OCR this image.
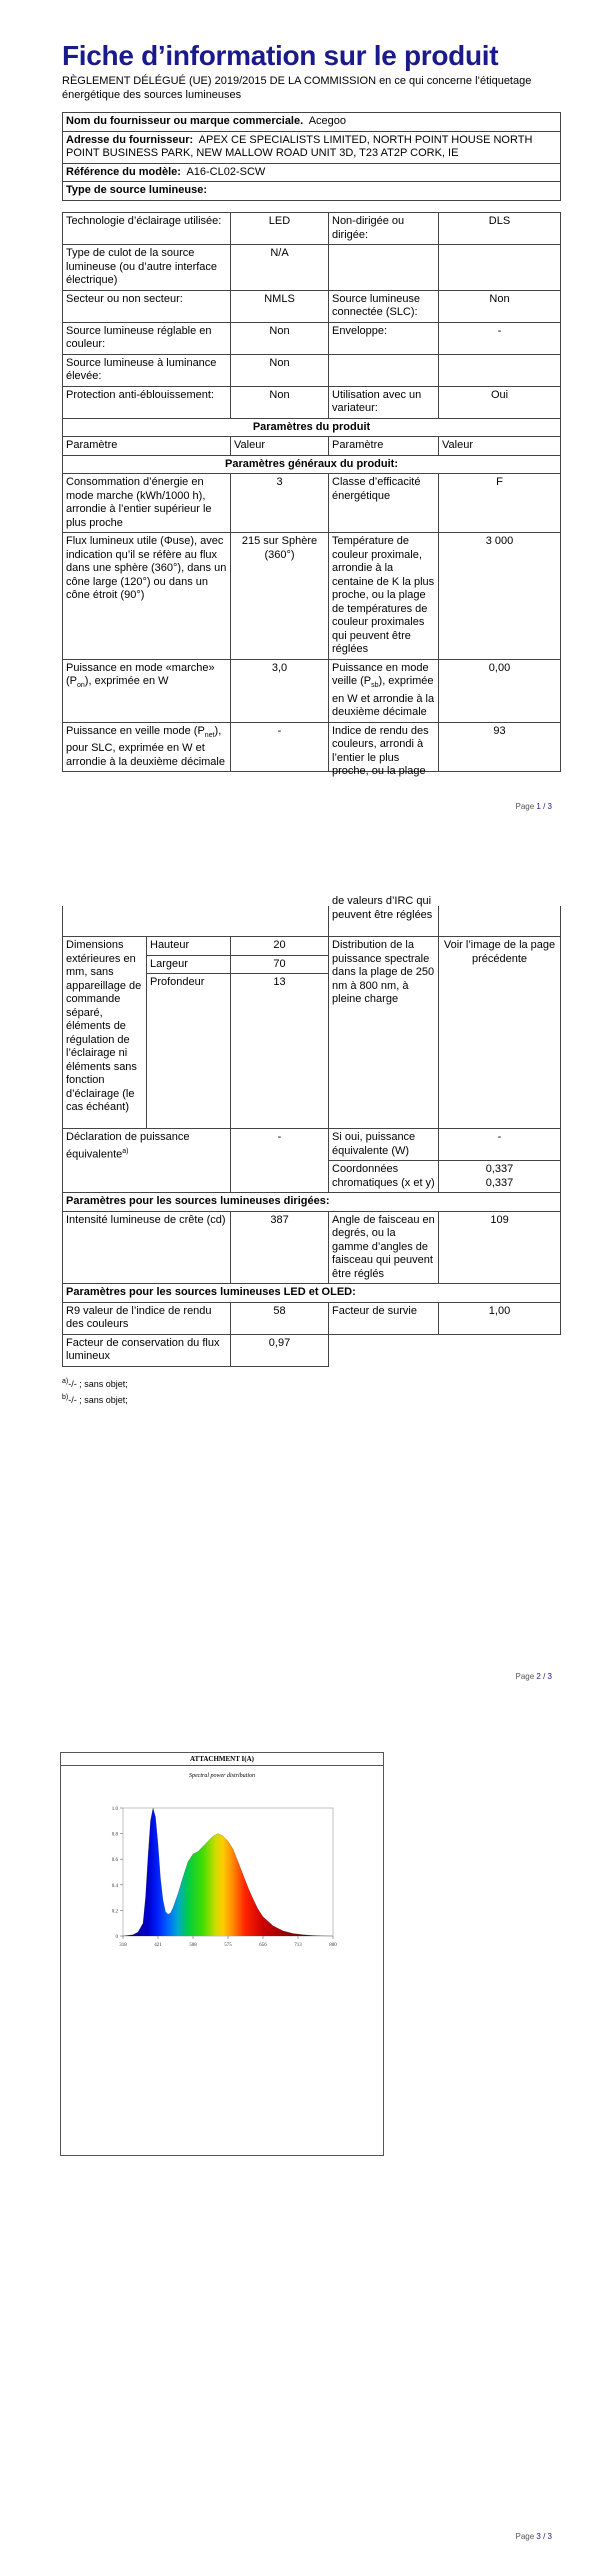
Fiche d’information sur le produit
RÈGLEMENT DÉLÉGUÉ (UE) 2019/2015 DE LA COMMISSION en ce qui concerne l’étiquetage énergétique des sources lumineuses
Nom du fournisseur ou marque commerciale. Acegoo
Adresse du fournisseur: APEX CE SPECIALISTS LIMITED, NORTH POINT HOUSE NORTH POINT BUSINESS PARK, NEW MALLOW ROAD UNIT 3D, T23 AT2P CORK, IE
Référence du modèle: A16-CL02-SCW
Type de source lumineuse:
Technologie d’éclairage utilisée:	LED	Non-dirigée ou dirigée:	DLS
Type de culot de la source lumineuse (ou d’autre interface électrique)	N/A		
Secteur ou non secteur:	NMLS	Source lumineuse connectée (SLC):	Non
Source lumineuse réglable en couleur:	Non	Enveloppe:	-
Source lumineuse à luminance élevée:	Non		
Protection anti-éblouissement:	Non	Utilisation avec un variateur:	Oui
Paramètres du produit			
Paramètre	Valeur	Paramètre	Valeur
Paramètres généraux du produit:			
Consommation d’énergie en mode marche (kWh/1000 h), arrondie à l’entier supérieur le plus proche	3	Classe d’efficacité énergétique	F
Flux lumineux utile (Φuse), avec indication qu’il se réfère au flux dans une sphère (360°), dans un cône large (120°) ou dans un cône étroit (90°)	215 sur Sphère (360°)	Température de couleur proximale, arrondie à la centaine de K la plus proche, ou la plage de températures de couleur proximales qui peuvent être réglées	3 000
Puissance en mode «marche» $(P_{on})$, exprimée en W	3,0	Puissance en mode veille $(P_{sb})$, exprimée en W et arrondie à la deuxième décimale	0,00

Puissance en veille mode $(P_{net})$, pour SLC, exprimée en W et arrondie à la deuxième décimale	-	Indice de rendu des couleurs, arrondi à l’entier le plus proche, ou la plage	93
Page 1 / 3

			de valeurs d’IRC qui peuvent être réglées	

Dimensions extérieures en mm, sans appareillage de commande séparé, éléments de régulation de l’éclairage ni éléments sans fonction d’éclairage (le cas échéant)	Hauteur	20	Distribution de la puissance spectrale dans la plage de 250 nm à 800 nm, à pleine charge	Voir l’image de la page précédente
	Largeur	70		
	Profondeur	13		
Déclaration de puissance équivalente$^{a)}$		-	Si oui, puissance équivalente (W)	-
			Coordonnées chromatiques (x et y)	0,337
0,337

Paramètres pour les sources lumineuses dirigées:				
Intensité lumineuse de crête (cd)		387	Angle de faisceau en degrés, ou la gamme d’angles de faisceau qui peuvent être réglés	109
Paramètres pour les sources lumineuses LED et OLED:				
R9 valeur de l’indice de rendu des couleurs		58	Facteur de survie	1,00
Facteur de conservation du flux lumineux		0,97		
$^{a)}$-/- ; sans objet;
$^{b)}$-/- ; sans objet;
Page 2 / 3
ATTACHMENT I(A)
Spectral power distribution
0
0.2
0.4
0.6
0.8
1.0
318	421	508	575	656	713	800
Page 3 / 3
